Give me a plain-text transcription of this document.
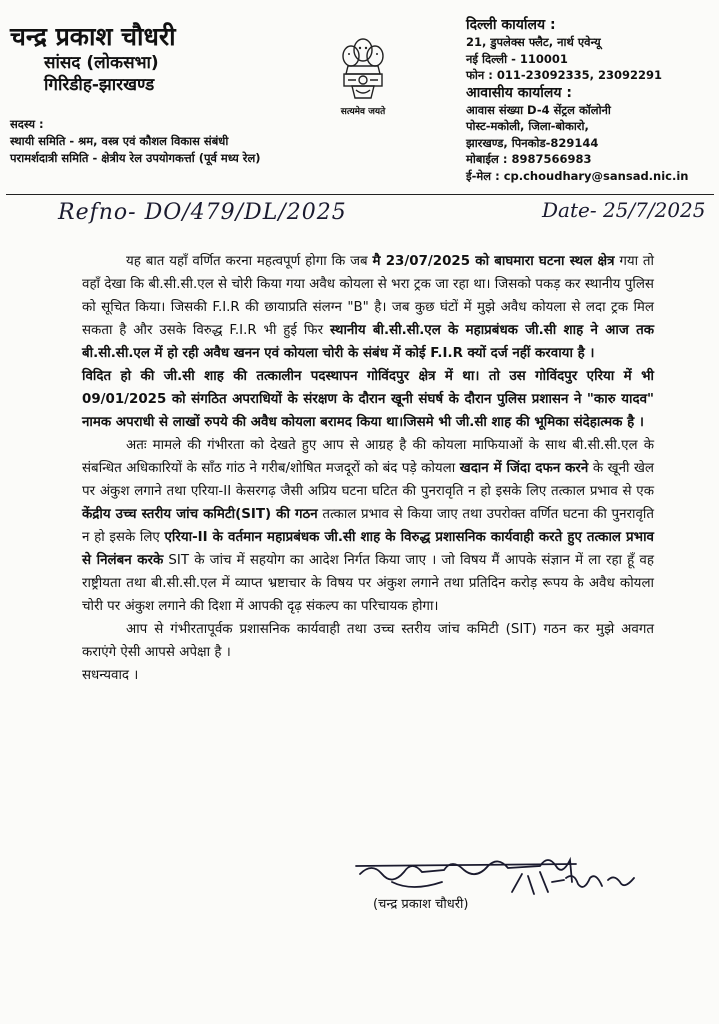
चन्द्र प्रकाश चौधरी
सांसद (लोकसभा)
गिरिडीह-झारखण्ड
सदस्य :
स्थायी समिति - श्रम, वस्त्र एवं कौशल विकास संबंधी
परामर्शदात्री समिति - क्षेत्रीय रेल उपयोगकर्त्ता (पूर्व मध्य रेल)
सत्यमेव जयते
दिल्ली कार्यालय :
21, डुपलेक्स फ्लैट, नार्थ एवेन्यू
नई दिल्ली - 110001
फोन : 011-23092335, 23092291
आवासीय कार्यालय :
आवास संख्या D-4 सेंट्रल कॉलोनी
पोस्ट-मकोली, जिला-बोकारो,
झारखण्ड, पिनकोड-829144
मोबाईल : 8987566983
ई-मेल : cp.choudhary@sansad.nic.in
Refno- DO/479/DL/2025	Date- 25/7/2025

यह बात यहाँ वर्णित करना महत्वपूर्ण होगा कि जब मै 23/07/2025 को बाघमारा घटना स्थल क्षेत्र गया तो वहाँ देखा कि बी.सी.सी.एल से चोरी किया गया अवैध कोयला से भरा ट्रक जा रहा था। जिसको पकड़ कर स्थानीय पुलिस को सूचित किया। जिसकी F.I.R की छायाप्रति संलग्न "B" है। जब कुछ घंटों में मुझे अवैध कोयला से लदा ट्रक मिल सकता है और उसके विरुद्ध F.I.R भी हुई फिर स्थानीय बी.सी.सी.एल के महाप्रबंधक जी.सी शाह ने आज तक बी.सी.सी.एल में हो रही अवैध खनन एवं कोयला चोरी के संबंध में कोई F.I.R क्यों दर्ज नहीं करवाया है ।

विदित हो की जी.सी शाह की तत्कालीन पदस्थापन गोविंदपुर क्षेत्र में था। तो उस गोविंदपुर एरिया में भी 09/01/2025 को संगठित अपराधियों के संरक्षण के दौरान खूनी संघर्ष के दौरान पुलिस प्रशासन ने "कारु यादव" नामक अपराधी से लाखों रुपये की अवैध कोयला बरामद किया था।जिसमे भी जी.सी शाह की भूमिका संदेहात्मक है ।

अतः मामले की गंभीरता को देखते हुए आप से आग्रह है की कोयला माफियाओं के साथ बी.सी.सी.एल के संबन्धित अधिकारियों के साँठ गांठ ने गरीब/शोषित मजदूरों को बंद पड़े कोयला खदान में जिंदा दफन करने के खूनी खेल पर अंकुश लगाने तथा एरिया-II केसरगढ़ जैसी अप्रिय घटना घटित की पुनरावृति न हो इसके लिए तत्काल प्रभाव से एक केंद्रीय उच्च स्तरीय जांच कमिटी(SIT) की गठन तत्काल प्रभाव से किया जाए तथा उपरोक्त वर्णित घटना की पुनरावृति न हो इसके लिए एरिया-II के वर्तमान महाप्रबंधक जी.सी शाह के विरुद्ध प्रशासनिक कार्यवाही करते हुए तत्काल प्रभाव से निलंबन करके SIT के जांच में सहयोग का आदेश निर्गत किया जाए । जो विषय मैं आपके संज्ञान में ला रहा हूँ वह राष्ट्रीयता तथा बी.सी.सी.एल में व्याप्त भ्रष्टाचार के विषय पर अंकुश लगाने तथा प्रतिदिन करोड़ रूपय के अवैध कोयला चोरी पर अंकुश लगाने की दिशा में आपकी दृढ़ संकल्प का परिचायक होगा।

आप से गंभीरतापूर्वक प्रशासनिक कार्यवाही तथा उच्च स्तरीय जांच कमिटी (SIT) गठन कर मुझे अवगत कराएंगे ऐसी आपसे अपेक्षा है ।

सधन्यवाद ।

(चन्द्र प्रकाश चौधरी)
